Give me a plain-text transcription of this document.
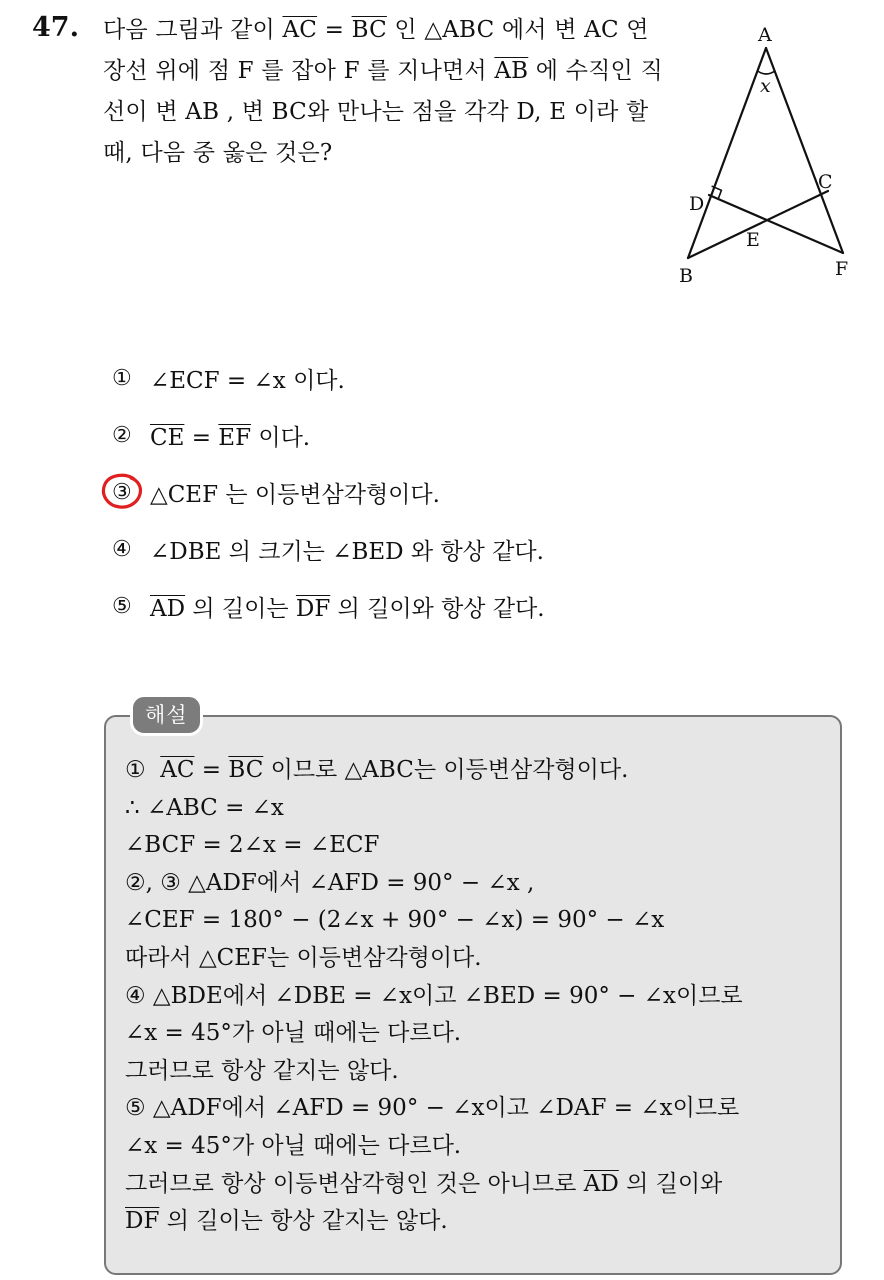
47. 다음 그림과 같이 $\overline{AC} = \overline{BC}$ 인 △ABC 에서 변 AC 연장선 위에 점 F 를 잡아 F 를 지나면서 $\overline{AB}$ 에 수직인 직선이 변 AB , 변 BC와 만나는 점을 각각 D, E 이라 할 때, 다음 중 옳은 것은?
A
x
C
D
E
B	F
① ∠ECF = ∠x 이다.
② $\overline{CE} = \overline{EF}$ 이다.
③ △CEF 는 이등변삼각형이다.
④ ∠DBE 의 크기는 ∠BED 와 항상 같다.
⑤ $\overline{AD}$ 의 길이는 $\overline{DF}$ 의 길이와 항상 같다.
해설
① $\overline{AC} = \overline{BC}$ 이므로 △ABC는 이등변삼각형이다.
∴ ∠ABC = ∠x
∠BCF = 2∠x = ∠ECF
②, ③ △ADF에서 ∠AFD = 90° − ∠x ,
∠CEF = 180° − (2∠x + 90° − ∠x) = 90° − ∠x
따라서 △CEF는 이등변삼각형이다.
④ △BDE에서 ∠DBE = ∠x이고 ∠BED = 90° − ∠x이므로
∠x = 45°가 아닐 때에는 다르다.
그러므로 항상 같지는 않다.
⑤ △ADF에서 ∠AFD = 90° − ∠x이고 ∠DAF = ∠x이므로
∠x = 45°가 아닐 때에는 다르다.
그러므로 항상 이등변삼각형인 것은 아니므로 $\overline{AD}$ 의 길이와
$\overline{DF}$ 의 길이는 항상 같지는 않다.
